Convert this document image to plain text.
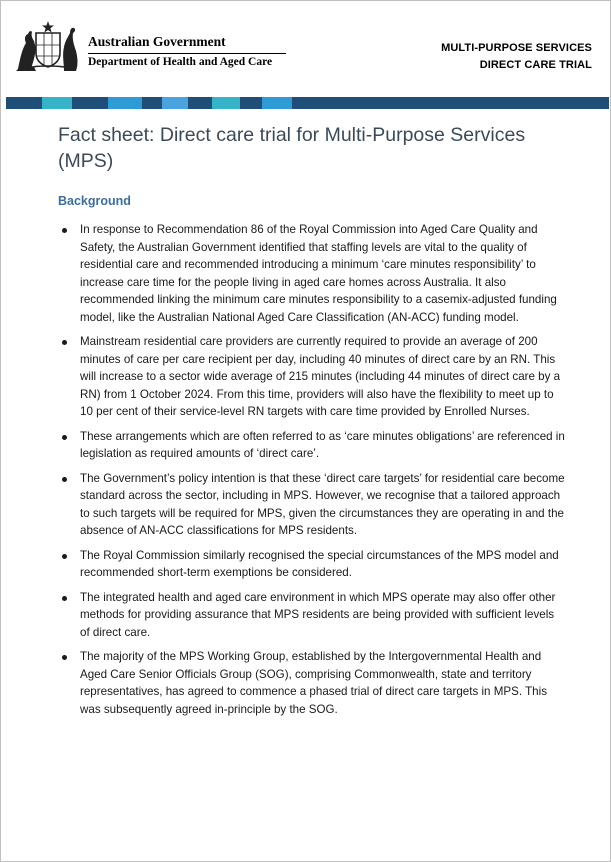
Australian Government
Department of Health and Aged Care
MULTI-PURPOSE SERVICES
DIRECT CARE TRIAL
Fact sheet: Direct care trial for Multi-Purpose Services (MPS)
Background
In response to Recommendation 86 of the Royal Commission into Aged Care Quality and Safety, the Australian Government identified that staffing levels are vital to the quality of residential care and recommended introducing a minimum ‘care minutes responsibility’ to increase care time for the people living in aged care homes across Australia. It also recommended linking the minimum care minutes responsibility to a casemix-adjusted funding model, like the Australian National Aged Care Classification (AN-ACC) funding model.
Mainstream residential care providers are currently required to provide an average of 200 minutes of care per care recipient per day, including 40 minutes of direct care by an RN. This will increase to a sector wide average of 215 minutes (including 44 minutes of direct care by a RN) from 1 October 2024. From this time, providers will also have the flexibility to meet up to 10 per cent of their service-level RN targets with care time provided by Enrolled Nurses.
These arrangements which are often referred to as ‘care minutes obligations’ are referenced in legislation as required amounts of ‘direct care’.
The Government’s policy intention is that these ‘direct care targets’ for residential care become standard across the sector, including in MPS. However, we recognise that a tailored approach to such targets will be required for MPS, given the circumstances they are operating in and the absence of AN-ACC classifications for MPS residents.
The Royal Commission similarly recognised the special circumstances of the MPS model and recommended short-term exemptions be considered.
The integrated health and aged care environment in which MPS operate may also offer other methods for providing assurance that MPS residents are being provided with sufficient levels of direct care.
The majority of the MPS Working Group, established by the Intergovernmental Health and Aged Care Senior Officials Group (SOG), comprising Commonwealth, state and territory representatives, has agreed to commence a phased trial of direct care targets in MPS. This was subsequently agreed in-principle by the SOG.
